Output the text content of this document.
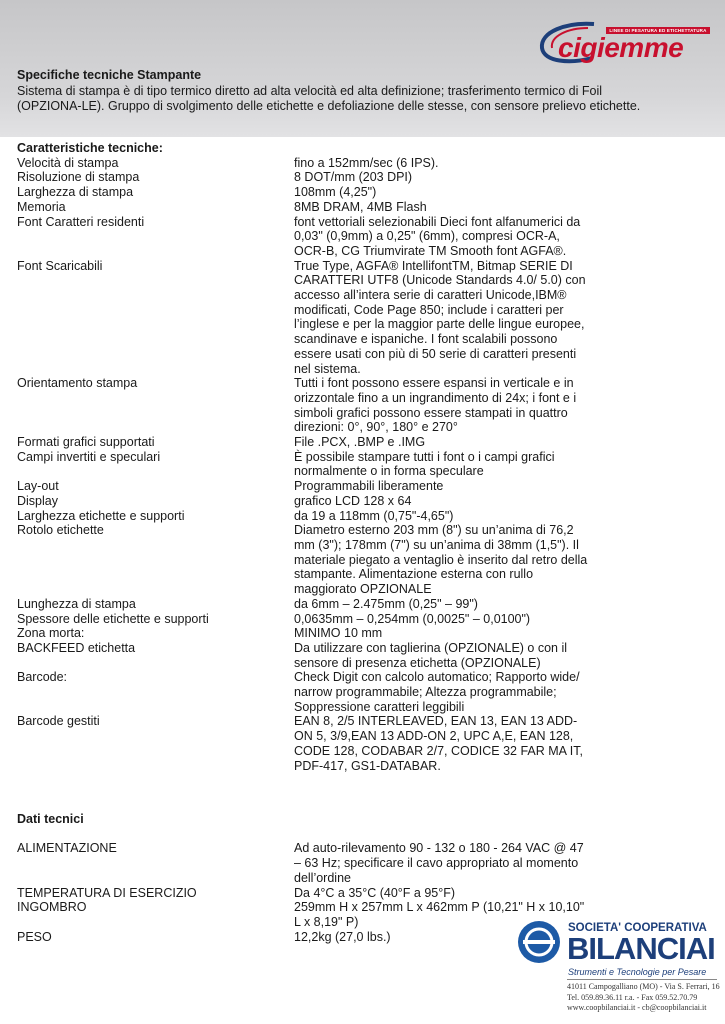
LINEE DI PESATURA ED ETICHETTATURA
cigiemme
Specifiche tecniche Stampante
Sistema di stampa è di tipo termico diretto ad alta velocità ed alta definizione; trasferimento termico di Foil (OPZIONA-LE). Gruppo di svolgimento delle etichette e defoliazione delle stesse, con sensore prelievo etichette.
Caratteristiche tecniche:
Velocità di stampa	fino a 152mm/sec (6 IPS).
Risoluzione di stampa	8 DOT/mm (203 DPI)
Larghezza di stampa	108mm (4,25")
Memoria	8MB DRAM, 4MB Flash
Font Caratteri residenti	font vettoriali selezionabili Dieci font alfanumerici da 0,03" (0,9mm) a 0,25" (6mm), compresi OCR-A, OCR-B, CG Triumvirate TM Smooth font AGFA®.
Font Scaricabili	True Type, AGFA® IntellifontTM, Bitmap SERIE DI CARATTERI UTF8 (Unicode Standards 4.0/ 5.0) con accesso all’intera serie di caratteri Unicode,IBM® modificati, Code Page 850; include i caratteri per l’inglese e per la maggior parte delle lingue europee, scandinave e ispaniche. I font scalabili possono essere usati con più di 50 serie di caratteri presenti nel sistema.
Orientamento stampa	Tutti i font possono essere espansi in verticale e in orizzontale fino a un ingrandimento di 24x; i font e i simboli grafici possono essere stampati in quattro direzioni: 0°, 90°, 180° e 270°
Formati grafici supportati	File .PCX, .BMP e .IMG
Campi invertiti e speculari	È possibile stampare tutti i font o i campi grafici normalmente o in forma speculare
Lay-out	Programmabili liberamente
Display	grafico LCD 128 x 64
Larghezza etichette e supporti	da 19 a 118mm (0,75"-4,65")
Rotolo etichette	Diametro esterno 203 mm (8") su un’anima di 76,2 mm (3"); 178mm (7") su un’anima di 38mm (1,5"). Il materiale piegato a ventaglio è inserito dal retro della stampante. Alimentazione esterna con rullo maggiorato OPZIONALE
Lunghezza di stampa	da 6mm – 2.475mm (0,25" – 99")
Spessore delle etichette e supporti	0,0635mm – 0,254mm (0,0025" – 0,0100")
Zona morta:	MINIMO 10 mm
BACKFEED etichetta	Da utilizzare con taglierina (OPZIONALE) o con il sensore di presenza etichetta (OPZIONALE)
Barcode:	Check Digit con calcolo automatico; Rapporto wide/ narrow programmabile; Altezza programmabile; Soppressione caratteri leggibili
Barcode gestiti	EAN 8, 2/5 INTERLEAVED, EAN 13, EAN 13 ADD-ON 5, 3/9,EAN 13 ADD-ON 2, UPC A,E, EAN 128, CODE 128, CODABAR 2/7, CODICE 32 FAR MA IT, PDF-417, GS1-DATABAR.
Dati tecnici
ALIMENTAZIONE	Ad auto-rilevamento 90 - 132 o 180 - 264 VAC @ 47 – 63 Hz; specificare il cavo appropriato al momento dell’ordine
TEMPERATURA DI ESERCIZIO	Da 4°C a 35°C (40°F a 95°F)
INGOMBRO	259mm H x 257mm L x 462mm P (10,21" H x 10,10" L x 8,19" P)
PESO	12,2kg (27,0 lbs.)
SOCIETA' COOPERATIVA
BILANCIAI
Strumenti e Tecnologie per Pesare
41011 Campogalliano (MO) - Via S. Ferrari, 16
Tel. 059.89.36.11 r.a. - Fax 059.52.70.79
www.coopbilanciai.it - cb@coopbilanciai.it
